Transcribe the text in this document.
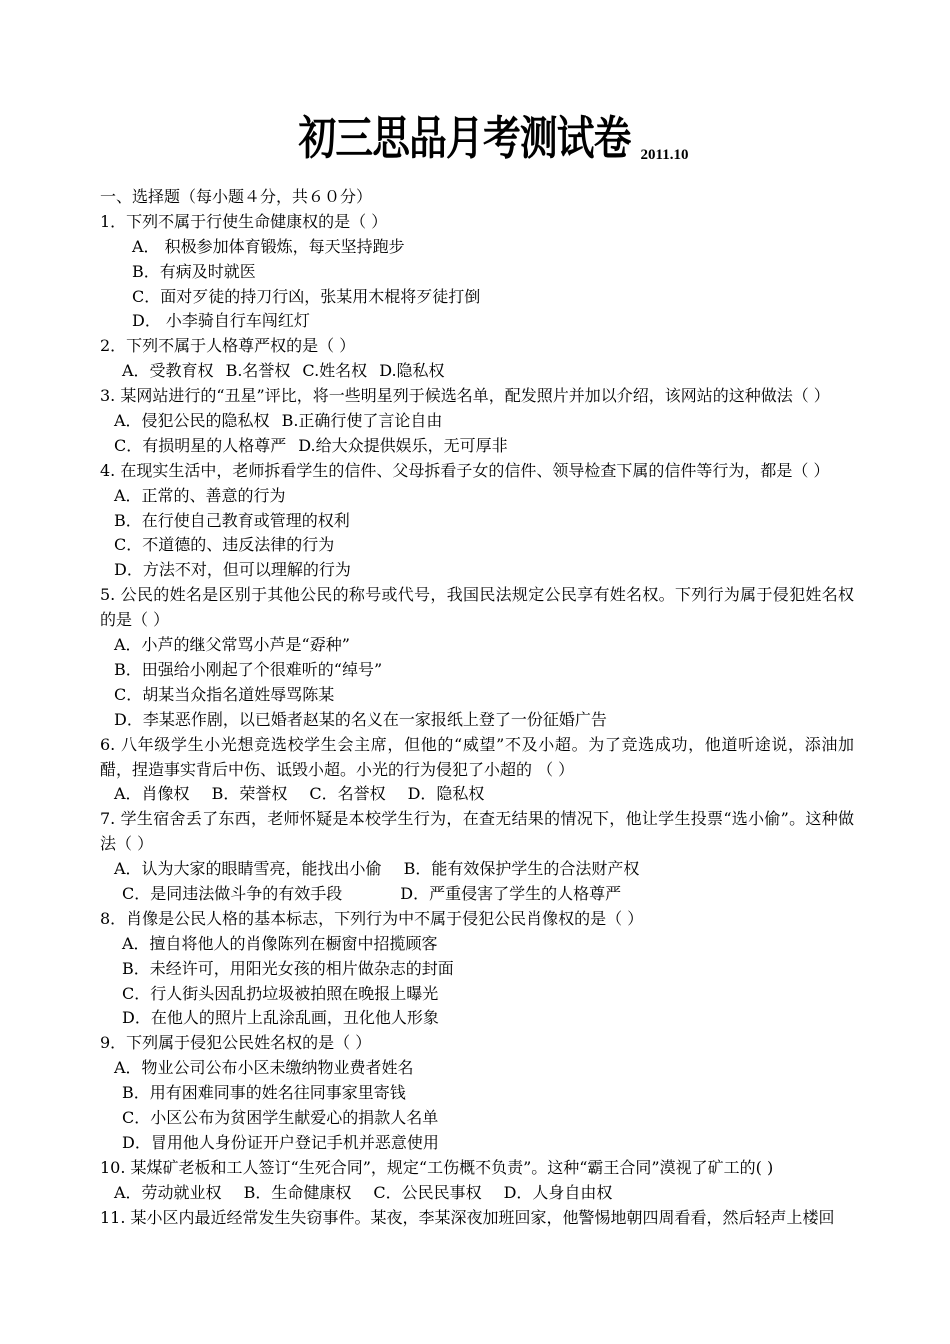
初三思品月考测试卷 2011.10
一、选择题（每小题４分，共６０分）
1．下列不属于行使生命健康权的是（ ）
A． 积极参加体育锻炼，每天坚持跑步
B．有病及时就医
C．面对歹徒的持刀行凶，张某用木棍将歹徒打倒
D． 小李骑自行车闯红灯
2．下列不属于人格尊严权的是（ ）
A．受教育权 B.名誉权 C.姓名权 D.隐私权
3. 某网站进行的“丑星”评比，将一些明星列于候选名单，配发照片并加以介绍，该网站的这种做法（ ）
A．侵犯公民的隐私权 B.正确行使了言论自由
C．有损明星的人格尊严 D.给大众提供娱乐，无可厚非
4. 在现实生活中，老师拆看学生的信件、父母拆看子女的信件、领导检查下属的信件等行为，都是（ ）
A．正常的、善意的行为
B．在行使自己教育或管理的权利
C．不道德的、违反法律的行为
D．方法不对，但可以理解的行为
5. 公民的姓名是区别于其他公民的称号或代号，我国民法规定公民享有姓名权。下列行为属于侵犯姓名权的是（ ）
A．小芦的继父常骂小芦是“孬种”
B．田强给小刚起了个很难听的“绰号”
C．胡某当众指名道姓辱骂陈某
D．李某恶作剧，以已婚者赵某的名义在一家报纸上登了一份征婚广告
6. 八年级学生小光想竞选校学生会主席，但他的“威望”不及小超。为了竞选成功，他道听途说，添油加醋，捏造事实背后中伤、诋毁小超。小光的行为侵犯了小超的 （ ）
A．肖像权 B．荣誉权 C．名誉权 D．隐私权
7. 学生宿舍丢了东西，老师怀疑是本校学生行为，在查无结果的情况下，他让学生投票“选小偷”。这种做法（ ）
A．认为大家的眼睛雪亮，能找出小偷 B．能有效保护学生的合法财产权
C．是同违法做斗争的有效手段	D．严重侵害了学生的人格尊严
8．肖像是公民人格的基本标志，下列行为中不属于侵犯公民肖像权的是（ ）
A．擅自将他人的肖像陈列在橱窗中招揽顾客
B．未经许可，用阳光女孩的相片做杂志的封面
C．行人街头因乱扔垃圾被拍照在晚报上曝光
D．在他人的照片上乱涂乱画，丑化他人形象
9．下列属于侵犯公民姓名权的是（ ）
A．物业公司公布小区未缴纳物业费者姓名
B．用有困难同事的姓名往同事家里寄钱
C．小区公布为贫困学生献爱心的捐款人名单
D．冒用他人身份证开户登记手机并恶意使用
10. 某煤矿老板和工人签订“生死合同”，规定“工伤概不负责”。这种“霸王合同”漠视了矿工的( )
A．劳动就业权 B．生命健康权 C．公民民事权 D．人身自由权
11. 某小区内最近经常发生失窃事件。某夜，李某深夜加班回家，他警惕地朝四周看看，然后轻声上楼回
